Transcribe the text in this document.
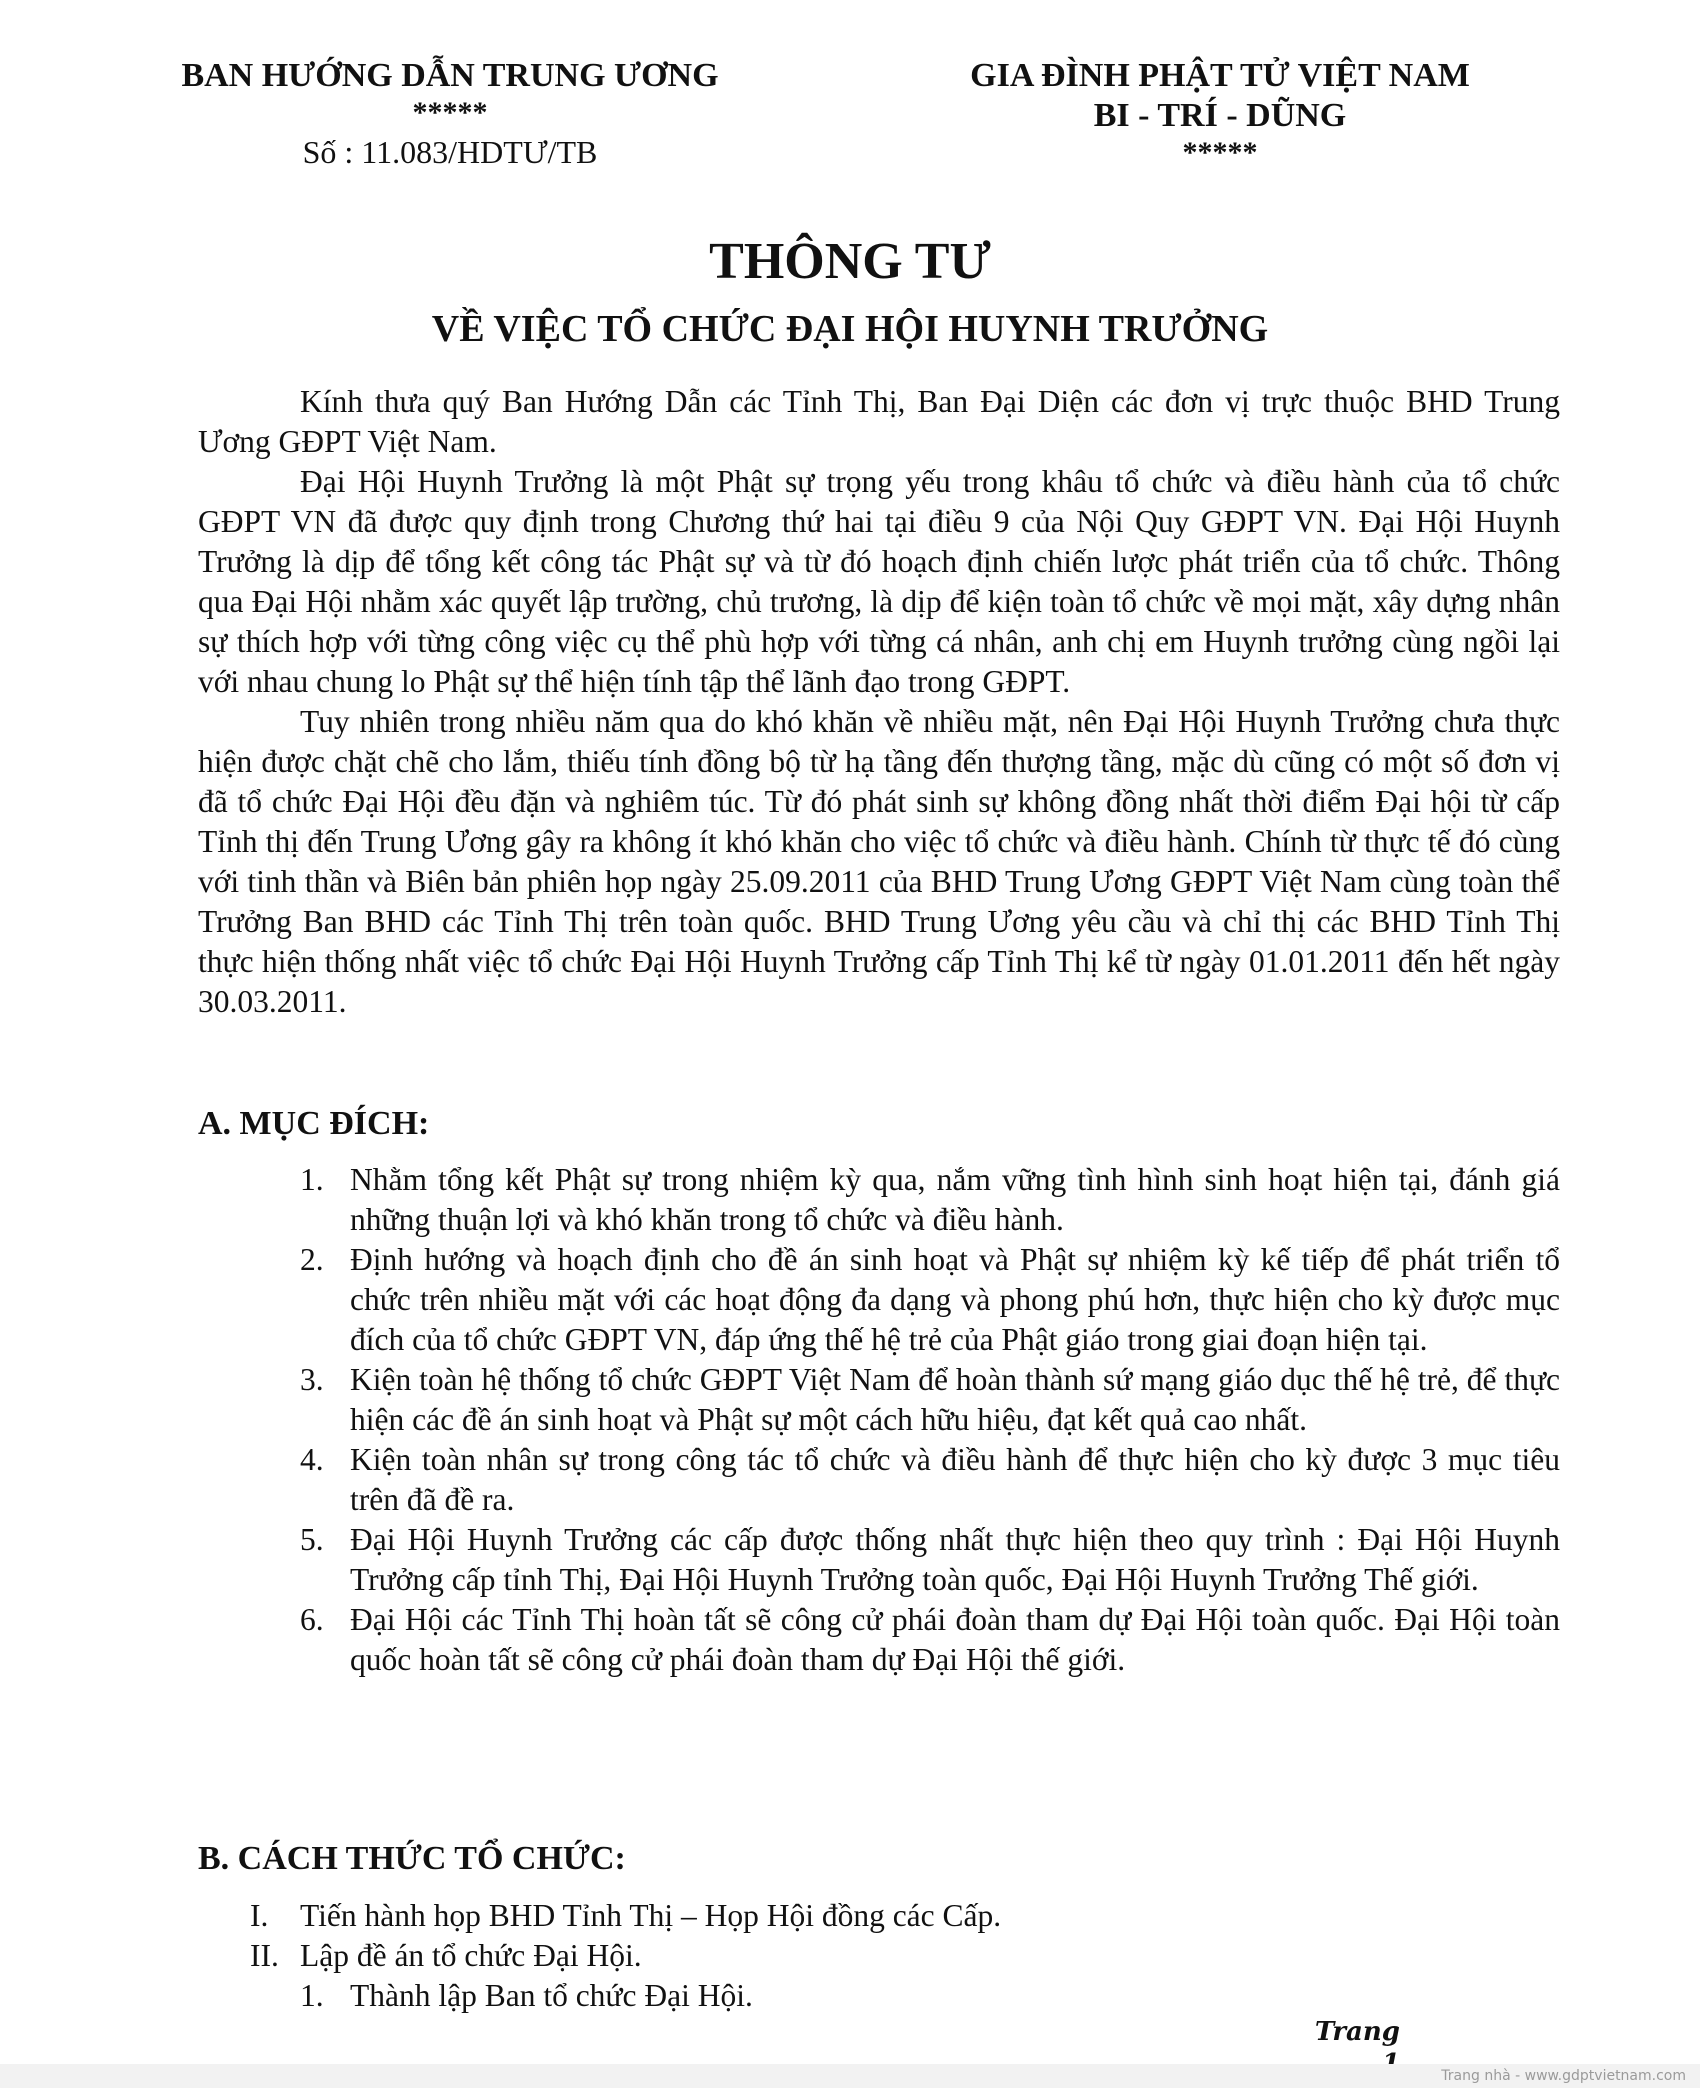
BAN HƯỚNG DẪN TRUNG ƯƠNG
*****
Số : 11.083/HDTƯ/TB
GIA ĐÌNH PHẬT TỬ VIỆT NAM
BI - TRÍ - DŨNG
*****
THÔNG TƯ
VỀ VIỆC TỔ CHỨC ĐẠI HỘI HUYNH TRƯỞNG

Kính thưa quý Ban Hướng Dẫn các Tỉnh Thị, Ban Đại Diện các đơn vị trực thuộc BHD Trung Ương GĐPT Việt Nam.

Đại Hội Huynh Trưởng là một Phật sự trọng yếu trong khâu tổ chức và điều hành của tổ chức GĐPT VN đã được quy định trong Chương thứ hai tại điều 9 của Nội Quy GĐPT VN. Đại Hội Huynh Trưởng là dịp để tổng kết công tác Phật sự và từ đó hoạch định chiến lược phát triển của tổ chức. Thông qua Đại Hội nhằm xác quyết lập trường, chủ trương, là dịp để kiện toàn tổ chức về mọi mặt, xây dựng nhân sự thích hợp với từng công việc cụ thể phù hợp với từng cá nhân, anh chị em Huynh trưởng cùng ngồi lại với nhau chung lo Phật sự thể hiện tính tập thể lãnh đạo trong GĐPT.

Tuy nhiên trong nhiều năm qua do khó khăn về nhiều mặt, nên Đại Hội Huynh Trưởng chưa thực hiện được chặt chẽ cho lắm, thiếu tính đồng bộ từ hạ tầng đến thượng tầng, mặc dù cũng có một số đơn vị đã tổ chức Đại Hội đều đặn và nghiêm túc. Từ đó phát sinh sự không đồng nhất thời điểm Đại hội từ cấp Tỉnh thị đến Trung Ương gây ra không ít khó khăn cho việc tổ chức và điều hành. Chính từ thực tế đó cùng với tinh thần và Biên bản phiên họp ngày 25.09.2011 của BHD Trung Ương GĐPT Việt Nam cùng toàn thể Trưởng Ban BHD các Tỉnh Thị trên toàn quốc. BHD Trung Ương yêu cầu và chỉ thị các BHD Tỉnh Thị thực hiện thống nhất việc tổ chức Đại Hội Huynh Trưởng cấp Tỉnh Thị kể từ ngày 01.01.2011 đến hết ngày 30.03.2011.

A. MỤC ĐÍCH:
1. Nhằm tổng kết Phật sự trong nhiệm kỳ qua, nắm vững tình hình sinh hoạt hiện tại, đánh giá những thuận lợi và khó khăn trong tổ chức và điều hành.
2. Định hướng và hoạch định cho đề án sinh hoạt và Phật sự nhiệm kỳ kế tiếp để phát triển tổ chức trên nhiều mặt với các hoạt động đa dạng và phong phú hơn, thực hiện cho kỳ được mục đích của tổ chức GĐPT VN, đáp ứng thế hệ trẻ của Phật giáo trong giai đoạn hiện tại.
3. Kiện toàn hệ thống tổ chức GĐPT Việt Nam để hoàn thành sứ mạng giáo dục thế hệ trẻ, để thực hiện các đề án sinh hoạt và Phật sự một cách hữu hiệu, đạt kết quả cao nhất.
4. Kiện toàn nhân sự trong công tác tổ chức và điều hành để thực hiện cho kỳ được 3 mục tiêu trên đã đề ra.
5. Đại Hội Huynh Trưởng các cấp được thống nhất thực hiện theo quy trình : Đại Hội Huynh Trưởng cấp tỉnh Thị, Đại Hội Huynh Trưởng toàn quốc, Đại Hội Huynh Trưởng Thế giới.
6. Đại Hội các Tỉnh Thị hoàn tất sẽ công cử phái đoàn tham dự Đại Hội toàn quốc. Đại Hội toàn quốc hoàn tất sẽ công cử phái đoàn tham dự Đại Hội thế giới.
B. CÁCH THỨC TỔ CHỨC:
I. Tiến hành họp BHD Tỉnh Thị – Họp Hội đồng các Cấp.
II. Lập đề án tổ chức Đại Hội.
1. Thành lập Ban tổ chức Đại Hội.
Trang
Trang nhà - www.gdptvietnam.com
